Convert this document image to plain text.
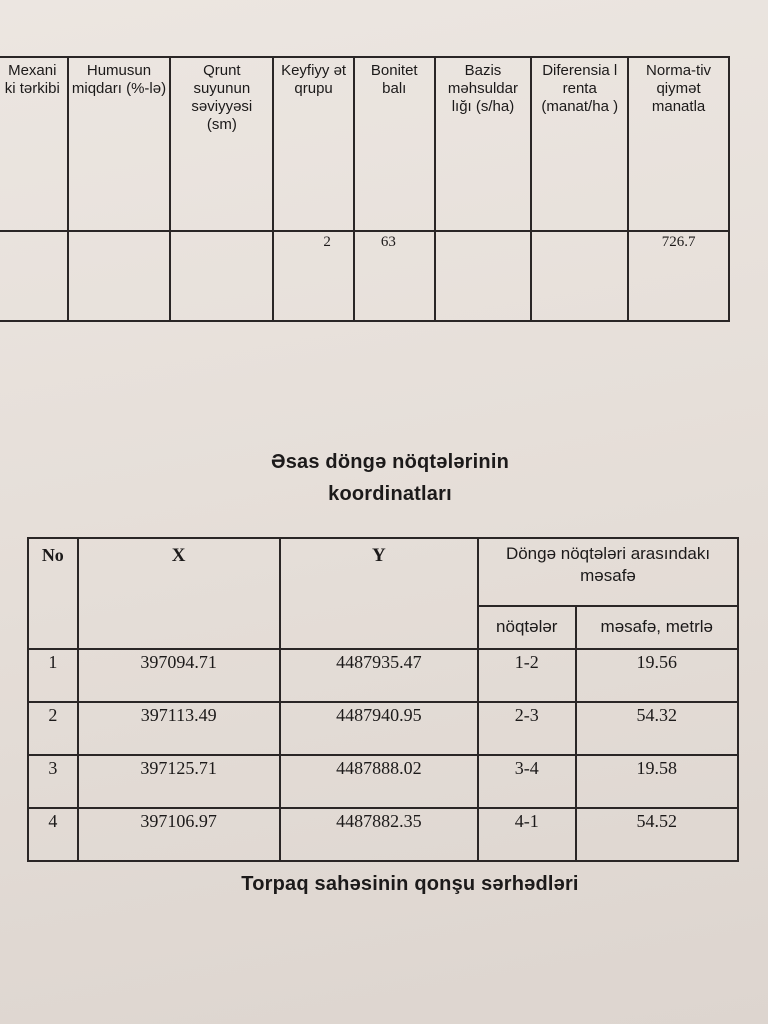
Mexani ki tərkibi	Humusun miqdarı (%-lə)	Qrunt suyunun səviyyəsi (sm)	Keyfiyy ət qrupu	Bonitet balı	Bazis məhsuldar lığı (s/ha)	Diferensia l renta (manat/ha )	Norma-tiv qiymət manatla
			2	63			726.7
Əsas döngə nöqtələrinin
koordinatları
No	X	Y	Döngə nöqtələri arasındakı məsafə	
			nöqtələr	məsafə, metrlə
1	397094.71	4487935.47	1-2	19.56
2	397113.49	4487940.95	2-3	54.32
3	397125.71	4487888.02	3-4	19.58
4	397106.97	4487882.35	4-1	54.52
Torpaq sahəsinin qonşu sərhədləri
